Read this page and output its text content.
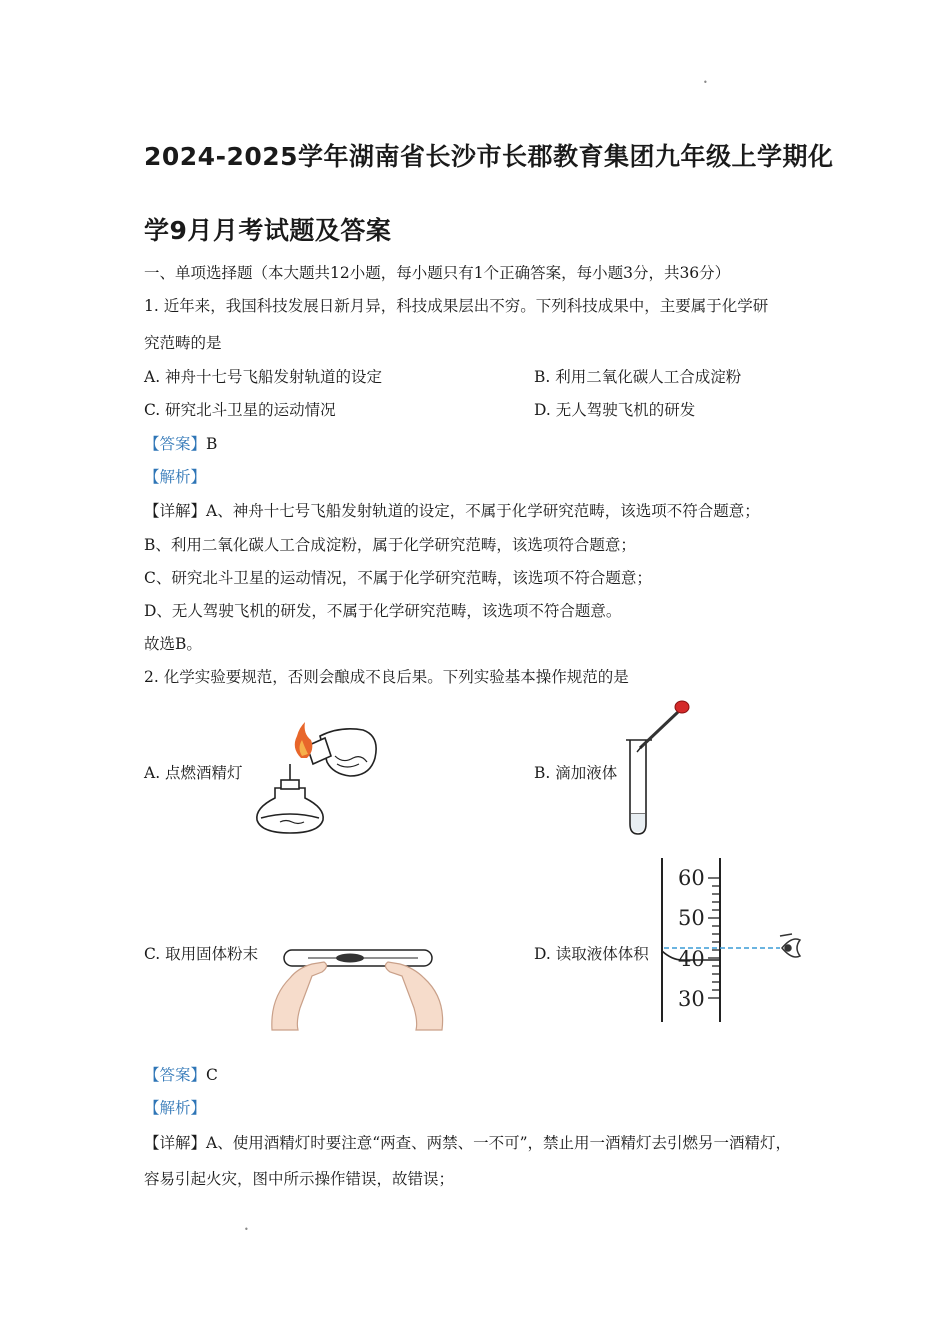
•
•
2024-2025学年湖南省长沙市长郡教育集团九年级上学期化
学9月月考试题及答案
一、单项选择题（本大题共12小题，每小题只有1个正确答案，每小题3分，共36分）
1. 近年来，我国科技发展日新月异，科技成果层出不穷。下列科技成果中，主要属于化学研
究范畴的是
A. 神舟十七号飞船发射轨道的设定	B. 利用二氧化碳人工合成淀粉
C. 研究北斗卫星的运动情况	D. 无人驾驶飞机的研发
【答案】B
【解析】
【详解】A、神舟十七号飞船发射轨道的设定，不属于化学研究范畴，该选项不符合题意；
B、利用二氧化碳人工合成淀粉，属于化学研究范畴，该选项符合题意；
C、研究北斗卫星的运动情况，不属于化学研究范畴，该选项不符合题意；
D、无人驾驶飞机的研发，不属于化学研究范畴，该选项不符合题意。
故选B。
2. 化学实验要规范，否则会酿成不良后果。下列实验基本操作规范的是
A. 点燃酒精灯	B. 滴加液体
C. 取用固体粉末	D. 读取液体体积
60
50
40
30
【答案】C
【解析】
【详解】A、使用酒精灯时要注意“两查、两禁、一不可”，禁止用一酒精灯去引燃另一酒精灯，
容易引起火灾，图中所示操作错误，故错误；
